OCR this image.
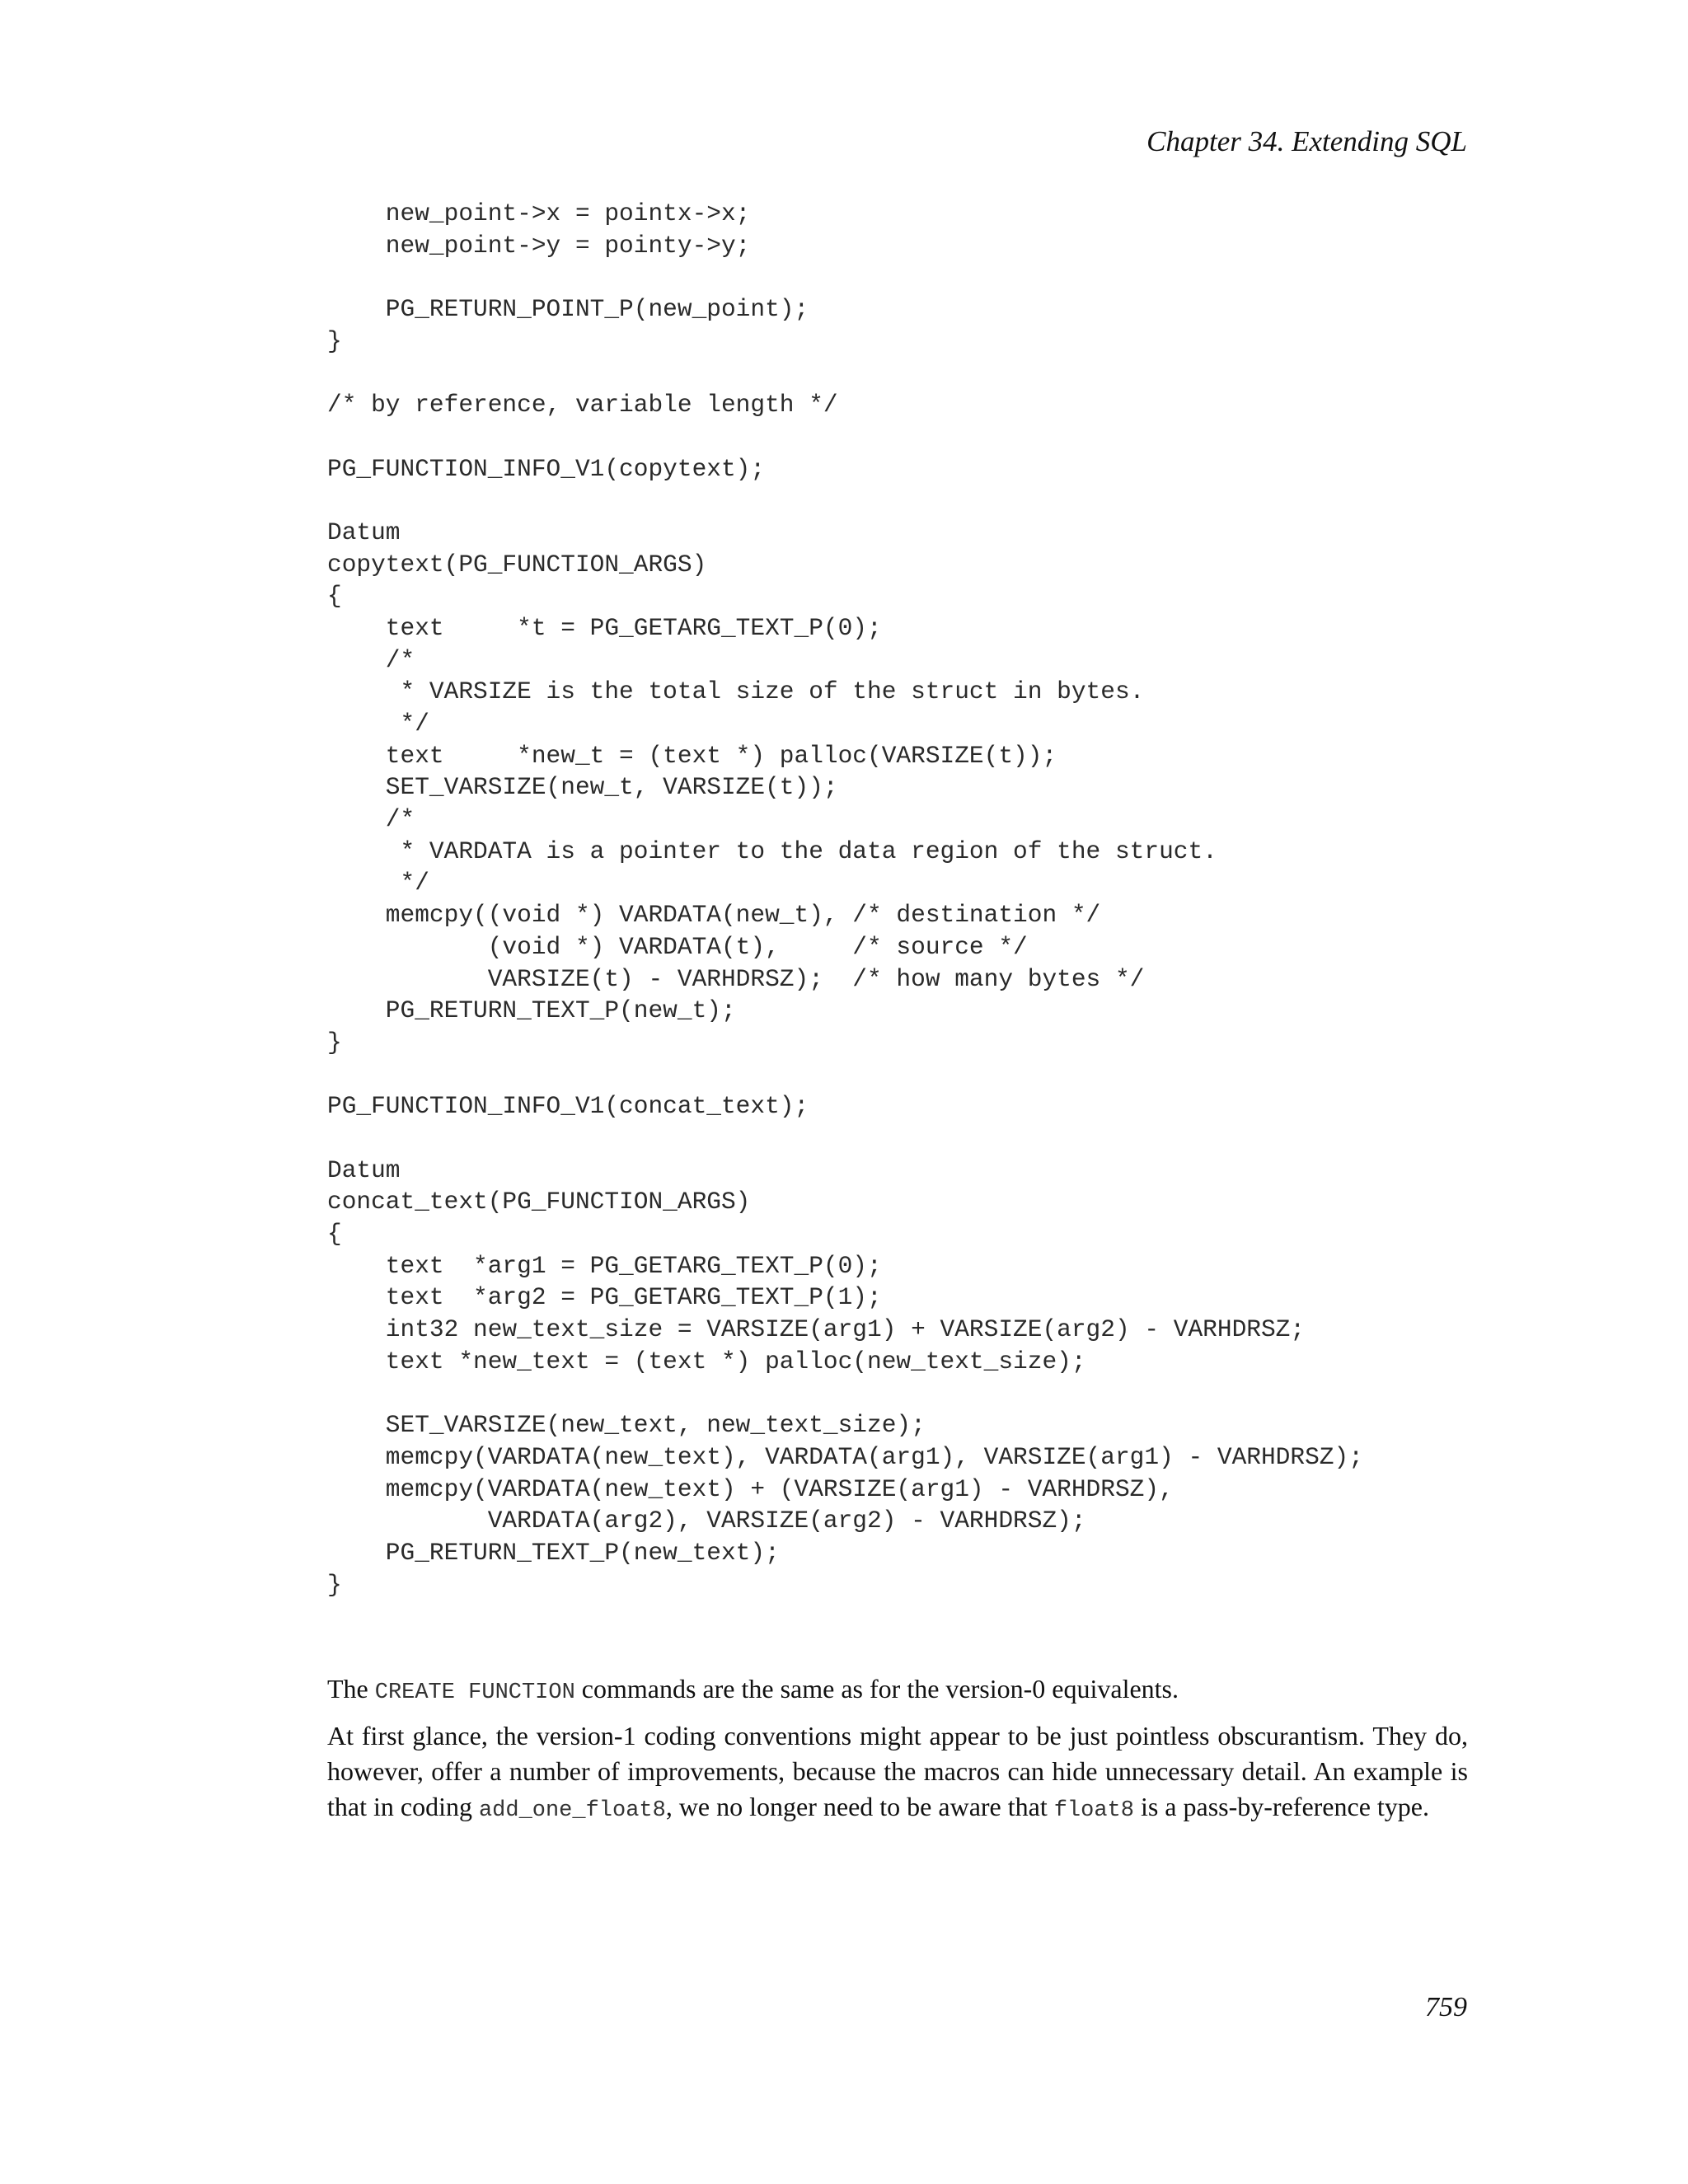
Chapter 34. Extending SQL
new_point->x = pointx->x;
new_point->y = pointy->y;
PG_RETURN_POINT_P(new_point);
}
/* by reference, variable length */
PG_FUNCTION_INFO_V1(copytext);
Datum
copytext(PG_FUNCTION_ARGS)
{
text     *t = PG_GETARG_TEXT_P(0);
/*
* VARSIZE is the total size of the struct in bytes.
*/
text     *new_t = (text *) palloc(VARSIZE(t));
SET_VARSIZE(new_t, VARSIZE(t));
/*
* VARDATA is a pointer to the data region of the struct.
*/
memcpy((void *) VARDATA(new_t), /* destination */
(void *) VARDATA(t),     /* source */
VARSIZE(t) - VARHDRSZ);  /* how many bytes */
PG_RETURN_TEXT_P(new_t);
}
PG_FUNCTION_INFO_V1(concat_text);
Datum
concat_text(PG_FUNCTION_ARGS)
{
text  *arg1 = PG_GETARG_TEXT_P(0);
text  *arg2 = PG_GETARG_TEXT_P(1);
int32 new_text_size = VARSIZE(arg1) + VARSIZE(arg2) - VARHDRSZ;
text *new_text = (text *) palloc(new_text_size);
SET_VARSIZE(new_text, new_text_size);
memcpy(VARDATA(new_text), VARDATA(arg1), VARSIZE(arg1) - VARHDRSZ);
memcpy(VARDATA(new_text) + (VARSIZE(arg1) - VARHDRSZ),
VARDATA(arg2), VARSIZE(arg2) - VARHDRSZ);
PG_RETURN_TEXT_P(new_text);
}
The CREATE FUNCTION commands are the same as for the version-0 equivalents.

At first glance, the version-1 coding conventions might appear to be just pointless obscurantism. They do, however, offer a number of improvements, because the macros can hide unnecessary detail. An example is that in coding add_one_float8, we no longer need to be aware that float8 is a pass-by-reference type.

759
